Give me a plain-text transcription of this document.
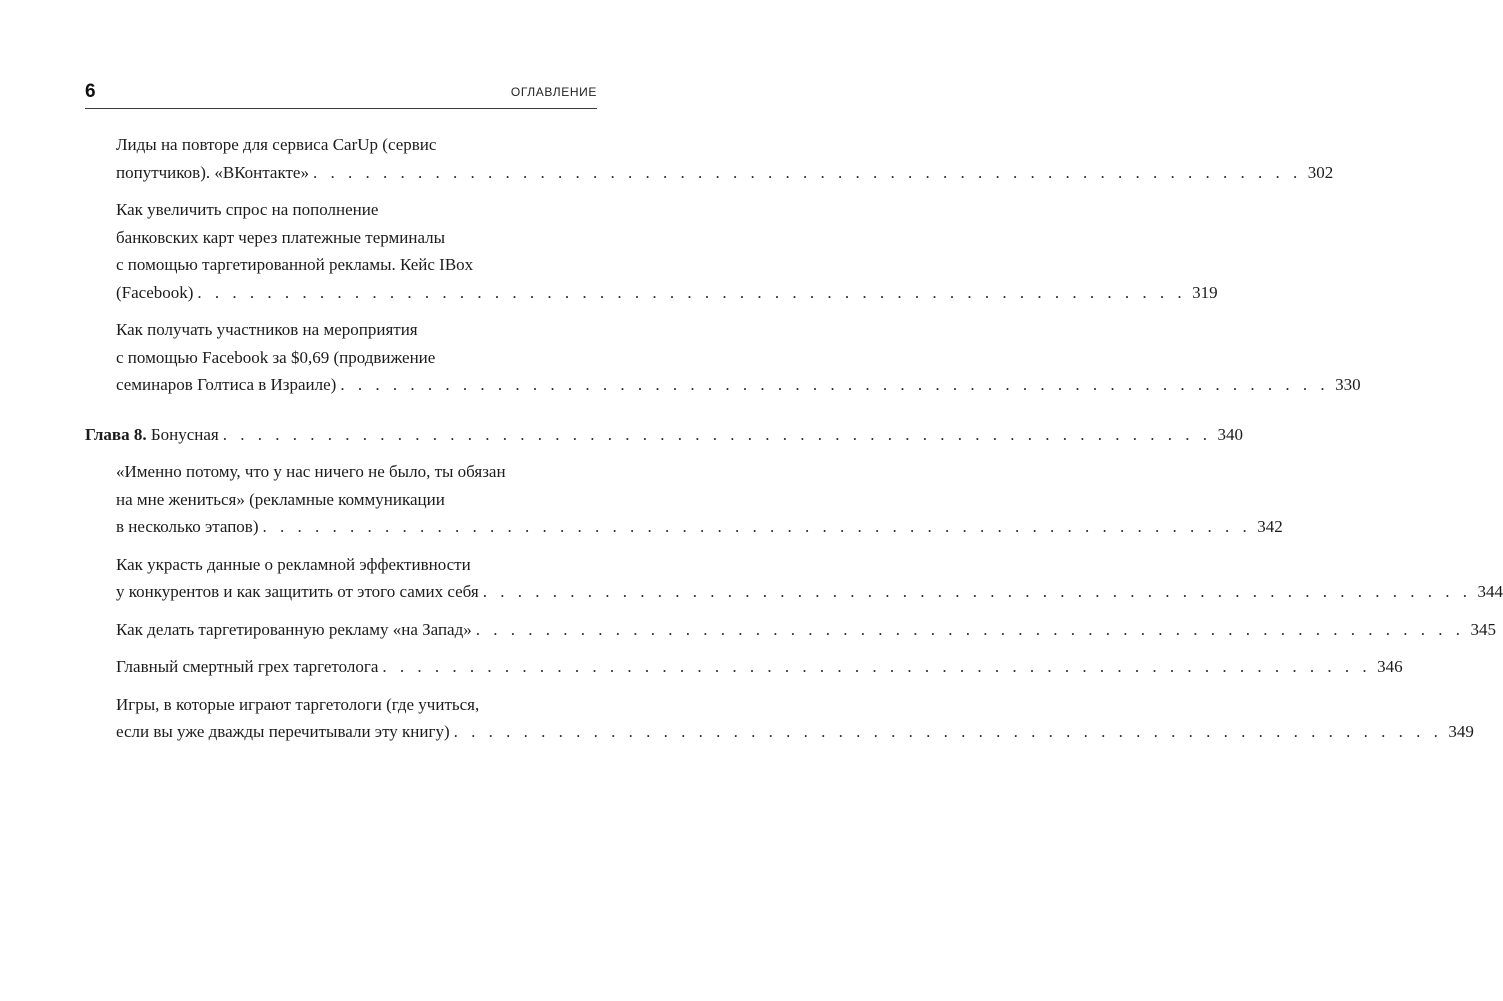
6	ОГЛАВЛЕНИЕ
Лиды на повторе для сервиса CarUp (сервис
попутчиков). «ВКонтакте» . . . . . . . . . . . . . . . . . . . . . . . . . . . . . . . . . . . . . . . . . . . . . . . . . . . . . . . . . 302
Как увеличить спрос на пополнение
банковских карт через платежные терминалы
с помощью таргетированной рекламы. Кейс IBox
(Facebook) . . . . . . . . . . . . . . . . . . . . . . . . . . . . . . . . . . . . . . . . . . . . . . . . . . . . . . . . . 319
Как получать участников на мероприятия
с помощью Facebook за $0,69 (продвижение
семинаров Голтиса в Израиле) . . . . . . . . . . . . . . . . . . . . . . . . . . . . . . . . . . . . . . . . . . . . . . . . . . . . . . . . . 330
Глава 8. Бонусная . . . . . . . . . . . . . . . . . . . . . . . . . . . . . . . . . . . . . . . . . . . . . . . . . . . . . . . . . 340
«Именно потому, что у нас ничего не было, ты обязан
на мне жениться» (рекламные коммуникации
в несколько этапов) . . . . . . . . . . . . . . . . . . . . . . . . . . . . . . . . . . . . . . . . . . . . . . . . . . . . . . . . . 342
Как украсть данные о рекламной эффективности
у конкурентов и как защитить от этого самих себя . . . . . . . . . . . . . . . . . . . . . . . . . . . . . . . . . . . . . . . . . . . . . . . . . . . . . . . . . 344
Как делать таргетированную рекламу «на Запад» . . . . . . . . . . . . . . . . . . . . . . . . . . . . . . . . . . . . . . . . . . . . . . . . . . . . . . . . . 345
Главный смертный грех таргетолога . . . . . . . . . . . . . . . . . . . . . . . . . . . . . . . . . . . . . . . . . . . . . . . . . . . . . . . . . 346
Игры, в которые играют таргетологи (где учиться,
если вы уже дважды перечитывали эту книгу) . . . . . . . . . . . . . . . . . . . . . . . . . . . . . . . . . . . . . . . . . . . . . . . . . . . . . . . . . 349
